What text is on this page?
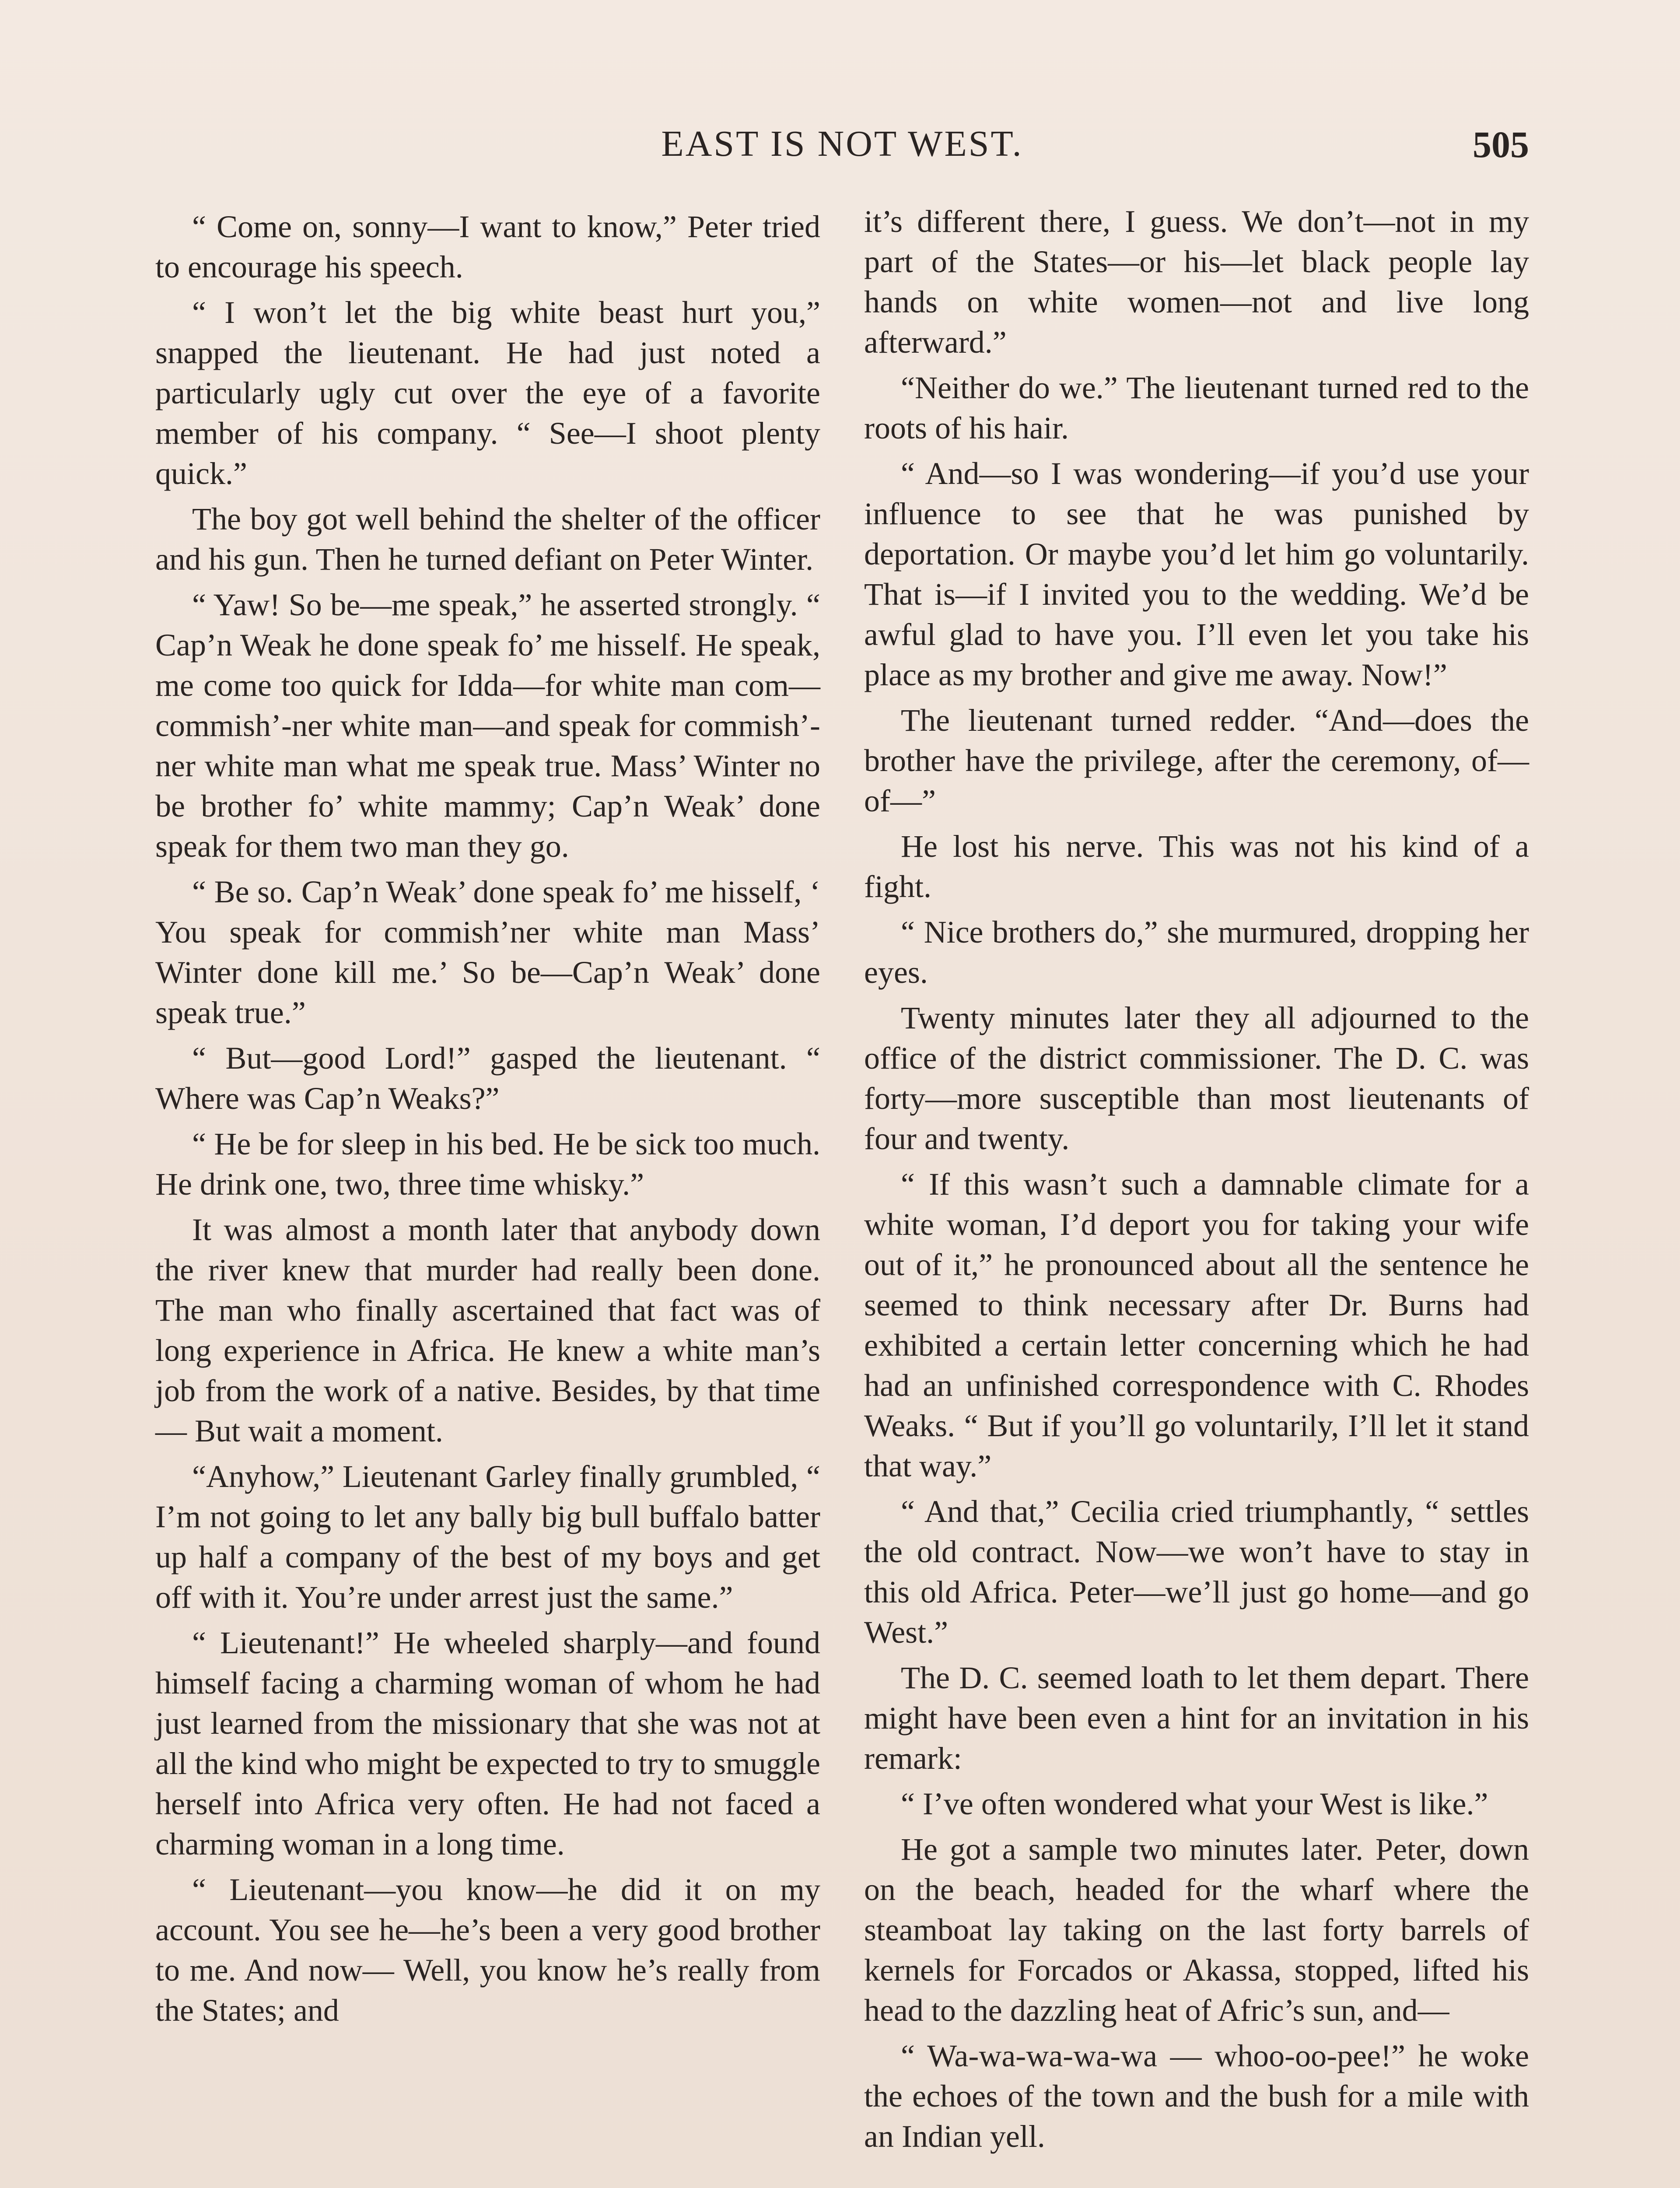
EAST IS NOT WEST.	505

“ Come on, sonny—I want to know,” Peter tried to encourage his speech.

“ I won’t let the big white beast hurt you,” snapped the lieutenant. He had just noted a particularly ugly cut over the eye of a favorite member of his company. “ See—I shoot plenty quick.”

The boy got well behind the shelter of the officer and his gun. Then he turned defiant on Peter Winter.

“ Yaw! So be—me speak,” he asserted strongly. “ Cap’n Weak he done speak fo’ me hisself. He speak, me come too quick for Idda—for white man com—commish’-ner white man—and speak for commish’-ner white man what me speak true. Mass’ Winter no be brother fo’ white mammy; Cap’n Weak’ done speak for them two man they go.

“ Be so. Cap’n Weak’ done speak fo’ me hisself, ‘ You speak for commish’ner white man Mass’ Winter done kill me.’ So be—Cap’n Weak’ done speak true.”

“ But—good Lord!” gasped the lieutenant. “ Where was Cap’n Weaks?”

“ He be for sleep in his bed. He be sick too much. He drink one, two, three time whisky.”

It was almost a month later that anybody down the river knew that murder had really been done. The man who finally ascertained that fact was of long experience in Africa. He knew a white man’s job from the work of a native. Besides, by that time— But wait a moment.

“Anyhow,” Lieutenant Garley finally grumbled, “ I’m not going to let any bally big bull buffalo batter up half a company of the best of my boys and get off with it. You’re under arrest just the same.”

“ Lieutenant!” He wheeled sharply—and found himself facing a charming woman of whom he had just learned from the missionary that she was not at all the kind who might be expected to try to smuggle herself into Africa very often. He had not faced a charming woman in a long time.

“ Lieutenant—you know—he did it on my account. You see he—he’s been a very good brother to me. And now— Well, you know he’s really from the States; and

it’s different there, I guess. We don’t—not in my part of the States—or his—let black people lay hands on white women—not and live long afterward.”

“Neither do we.” The lieutenant turned red to the roots of his hair.

“ And—so I was wondering—if you’d use your influence to see that he was punished by deportation. Or maybe you’d let him go voluntarily. That is—if I invited you to the wedding. We’d be awful glad to have you. I’ll even let you take his place as my brother and give me away. Now!”

The lieutenant turned redder. “And—does the brother have the privilege, after the ceremony, of—of—”

He lost his nerve. This was not his kind of a fight.

“ Nice brothers do,” she murmured, dropping her eyes.

Twenty minutes later they all adjourned to the office of the district commissioner. The D. C. was forty—more susceptible than most lieutenants of four and twenty.

“ If this wasn’t such a damnable climate for a white woman, I’d deport you for taking your wife out of it,” he pronounced about all the sentence he seemed to think necessary after Dr. Burns had exhibited a certain letter concerning which he had had an unfinished correspondence with C. Rhodes Weaks. “ But if you’ll go voluntarily, I’ll let it stand that way.”

“ And that,” Cecilia cried triumphantly, “ settles the old contract. Now—we won’t have to stay in this old Africa. Peter—we’ll just go home—and go West.”

The D. C. seemed loath to let them depart. There might have been even a hint for an invitation in his remark:

“ I’ve often wondered what your West is like.”

He got a sample two minutes later. Peter, down on the beach, headed for the wharf where the steamboat lay taking on the last forty barrels of kernels for Forcados or Akassa, stopped, lifted his head to the dazzling heat of Afric’s sun, and—

“ Wa-wa-wa-wa-wa — whoo-oo-pee!” he woke the echoes of the town and the bush for a mile with an Indian yell.
